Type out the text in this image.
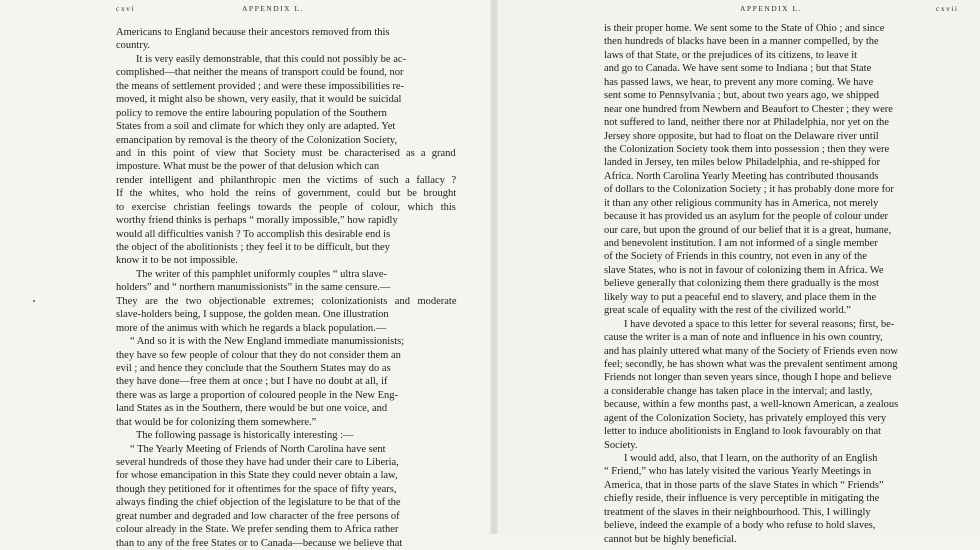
cxvi	APPENDIX L.
Americans to England because their ancestors removed from this
country.
It is very easily demonstrable, that this could not possibly be ac-
complished—that neither the means of transport could be found, nor
the means of settlement provided ; and were these impossibilities re-
moved, it might also be shown, very easily, that it would be suicidal
policy to remove the entire labouring population of the Southern
States from a soil and climate for which they only are adapted. Yet
emancipation by removal is the theory of the Colonization Society,
and in this point of view that Society must be characterised as a grand
imposture. What must be the power of that delusion which can
render intelligent and philanthropic men the victims of such a fallacy ?
If the whites, who hold the reins of government, could but be brought
to exercise christian feelings towards the people of colour, which this
worthy friend thinks is perhaps “ morally impossible,” how rapidly
would all difficulties vanish ? To accomplish this desirable end is
the object of the abolitionists ; they feel it to be difficult, but they
know it to be not impossible.
The writer of this pamphlet uniformly couples “ ultra slave-
holders” and “ northern manumissionists” in the same censure.—
They are the two objectionable extremes; colonizationists and moderate
slave-holders being, I suppose, the golden mean. One illustration
more of the animus with which he regards a black population.—
“ And so it is with the New England immediate manumissionists;
they have so few people of colour that they do not consider them an
evil ; and hence they conclude that the Southern States may do as
they have done—free them at once ; but I have no doubt at all, if
there was as large a proportion of coloured people in the New Eng-
land States as in the Southern, there would be but one voice, and
that would be for colonizing them somewhere.”
The following passage is historically interesting :—
“ The Yearly Meeting of Friends of North Carolina have sent
several hundreds of those they have had under their care to Liberia,
for whose emancipation in this State they could never obtain a law,
though they petitioned for it oftentimes for the space of fifty years,
always finding the chief objection of the legislature to be that of the
great number and degraded and low character of the free persons of
colour already in the State. We prefer sending them to Africa rather
than to any of the free States or to Canada—because we believe that
APPENDIX L.	cxvii
is their proper home. We sent some to the State of Ohio ; and since
then hundreds of blacks have been in a manner compelled, by the
laws of that State, or the prejudices of its citizens, to leave it
and go to Canada. We have sent some to Indiana ; but that State
has passed laws, we hear, to prevent any more coming. We have
sent some to Pennsylvania ; but, about two years ago, we shipped
near one hundred from Newbern and Beaufort to Chester ; they were
not suffered to land, neither there nor at Philadelphia, nor yet on the
Jersey shore opposite, but had to float on the Delaware river until
the Colonization Society took them into possession ; then they were
landed in Jersey, ten miles below Philadelphia, and re-shipped for
Africa. North Carolina Yearly Meeting has contributed thousands
of dollars to the Colonization Society ; it has probably done more for
it than any other religious community has in America, not merely
because it has provided us an asylum for the people of colour under
our care, but upon the ground of our belief that it is a great, humane,
and benevolent institution. I am not informed of a single member
of the Society of Friends in this country, not even in any of the
slave States, who is not in favour of colonizing them in Africa. We
believe generally that colonizing them there gradually is the most
likely way to put a peaceful end to slavery, and place them in the
great scale of equality with the rest of the civilized world.”
I have devoted a space to this letter for several reasons; first, be-
cause the writer is a man of note and influence in his own country,
and has plainly uttered what many of the Society of Friends even now
feel; secondly, he has shown what was the prevalent sentiment among
Friends not longer than seven years since, though I hope and believe
a considerable change has taken place in the interval; and lastly,
because, within a few months past, a well-known American, a zealous
agent of the Colonization Society, has privately employed this very
letter to induce abolitionists in England to look favourably on that
Society.
I would add, also, that I learn, on the authority of an English
“ Friend,” who has lately visited the various Yearly Meetings in
America, that in those parts of the slave States in which “ Friends”
chiefly reside, their influence is very perceptible in mitigating the
treatment of the slaves in their neighbourhood. This, I willingly
believe, indeed the example of a body who refuse to hold slaves,
cannot but be highly beneficial.
